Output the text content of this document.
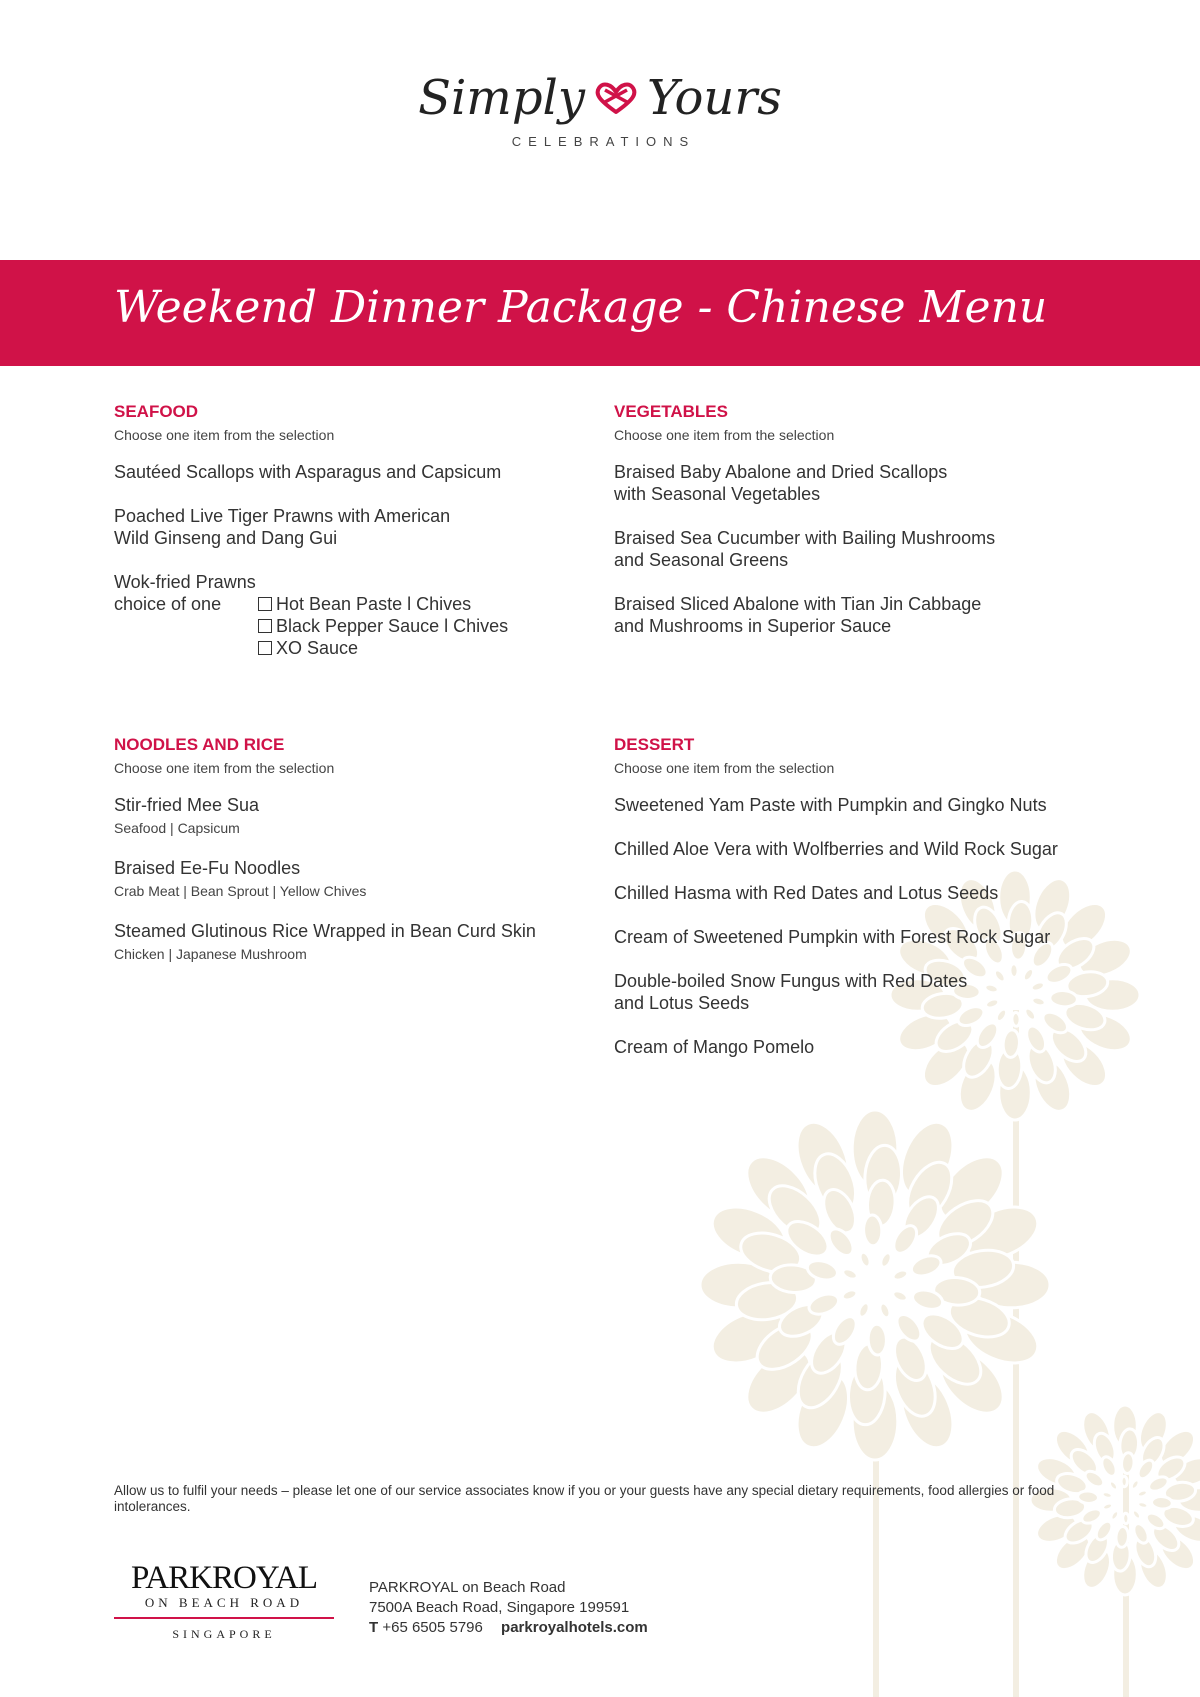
Simply Yours
CELEBRATIONS
Weekend Dinner Package - Chinese Menu
SEAFOOD
Choose one item from the selection
Sautéed Scallops with Asparagus and Capsicum
Poached Live Tiger Prawns with American
Wild Ginseng and Dang Gui
Wok-fried Prawns
choice of one	Hot Bean Paste l Chives
Black Pepper Sauce l Chives
XO Sauce
VEGETABLES
Choose one item from the selection
Braised Baby Abalone and Dried Scallops
with Seasonal Vegetables
Braised Sea Cucumber with Bailing Mushrooms
and Seasonal Greens
Braised Sliced Abalone with Tian Jin Cabbage
and Mushrooms in Superior Sauce
NOODLES AND RICE
Choose one item from the selection
Stir-fried Mee Sua
Seafood | Capsicum
Braised Ee-Fu Noodles
Crab Meat | Bean Sprout | Yellow Chives
Steamed Glutinous Rice Wrapped in Bean Curd Skin
Chicken | Japanese Mushroom
DESSERT
Choose one item from the selection
Sweetened Yam Paste with Pumpkin and Gingko Nuts
Chilled Aloe Vera with Wolfberries and Wild Rock Sugar
Chilled Hasma with Red Dates and Lotus Seeds
Cream of Sweetened Pumpkin with Forest Rock Sugar
Double-boiled Snow Fungus with Red Dates
and Lotus Seeds
Cream of Mango Pomelo
Allow us to fulfil your needs – please let one of our service associates know if you or your guests have any special dietary requirements, food allergies or food intolerances.
PARKROYAL
ON BEACH ROAD
SINGAPORE
PARKROYAL on Beach Road
7500A Beach Road, Singapore 199591
T +65 6505 5796 parkroyalhotels.com
